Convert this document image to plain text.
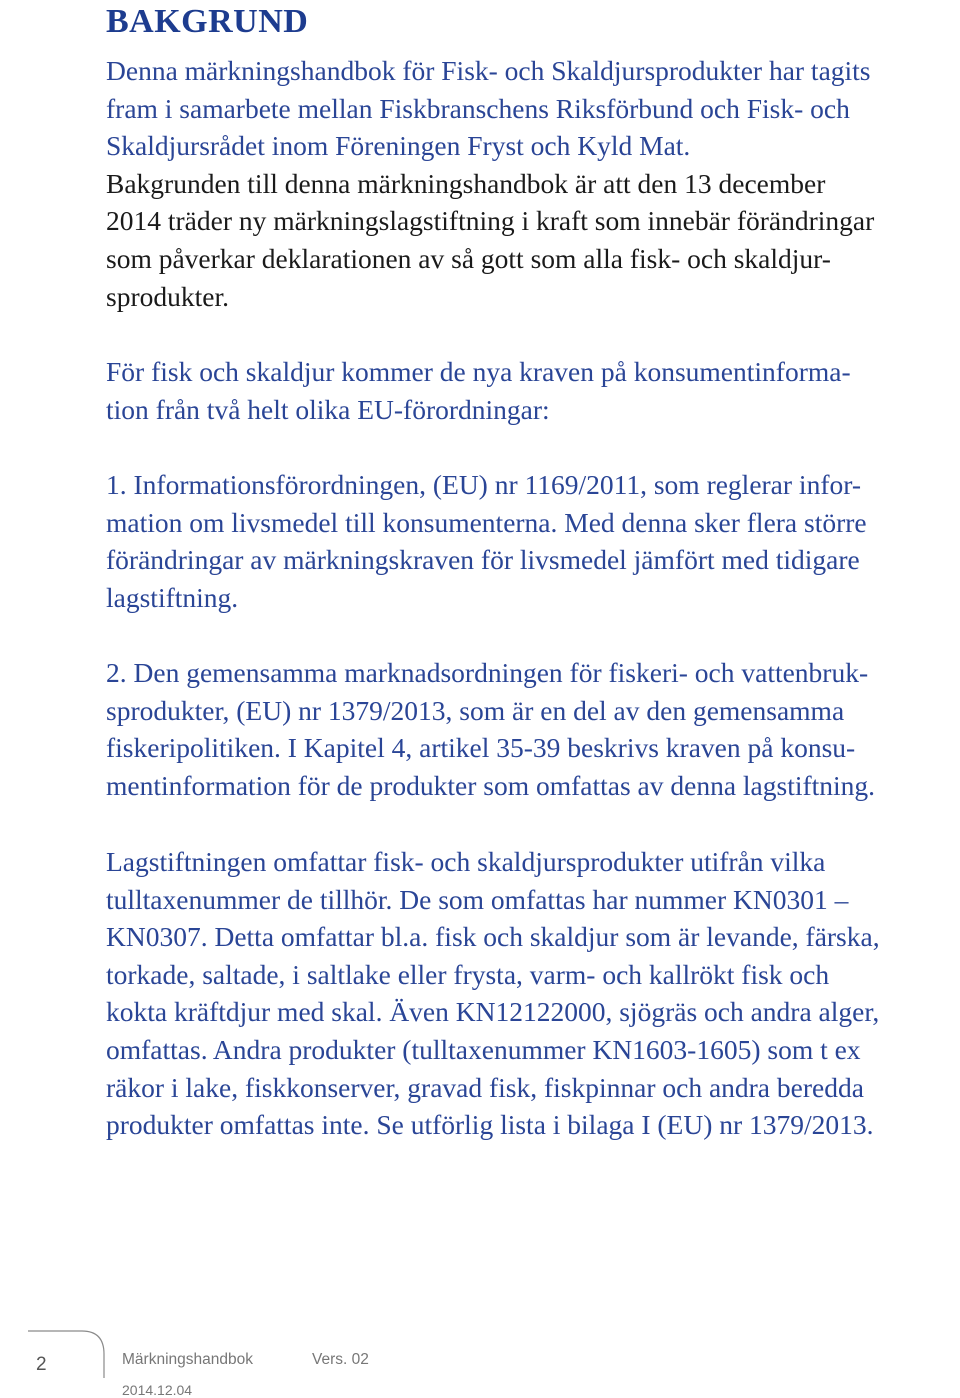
BAKGRUND
Denna märkningshandbok för Fisk- och Skaldjursprodukter har tagits
fram i samarbete mellan Fiskbranschens Riksförbund och Fisk- och
Skaldjursrådet inom Föreningen Fryst och Kyld Mat.
Bakgrunden till denna märkningshandbok är att den 13 december
2014 träder ny märkningslagstiftning i kraft som innebär förändringar
som påverkar deklarationen av så gott som alla fisk- och skaldjur-
sprodukter.
För fisk och skaldjur kommer de nya kraven på konsumentinforma-
tion från två helt olika EU-förordningar:
1. Informationsförordningen, (EU) nr 1169/2011, som reglerar infor-
mation om livsmedel till konsumenterna. Med denna sker flera större
förändringar av märkningskraven för livsmedel jämfört med tidigare
lagstiftning.
2. Den gemensamma marknadsordningen för fiskeri- och vattenbruk-
sprodukter, (EU) nr 1379/2013, som är en del av den gemensamma
fiskeripolitiken. I Kapitel 4, artikel 35-39 beskrivs kraven på konsu-
mentinformation för de produkter som omfattas av denna lagstiftning.
Lagstiftningen omfattar fisk- och skaldjursprodukter utifrån vilka
tulltaxenummer de tillhör. De som omfattas har nummer KN0301 –
KN0307. Detta omfattar bl.a. fisk och skaldjur som är levande, färska,
torkade, saltade, i saltlake eller frysta, varm- och kallrökt fisk och
kokta kräftdjur med skal. Även KN12122000, sjögräs och andra alger,
omfattas. Andra produkter (tulltaxenummer KN1603-1605) som t ex
räkor i lake, fiskkonserver, gravad fisk, fiskpinnar och andra beredda
produkter omfattas inte. Se utförlig lista i bilaga I (EU) nr 1379/2013.
2	Märkningshandbok	Vers. 02
2014.12.04
